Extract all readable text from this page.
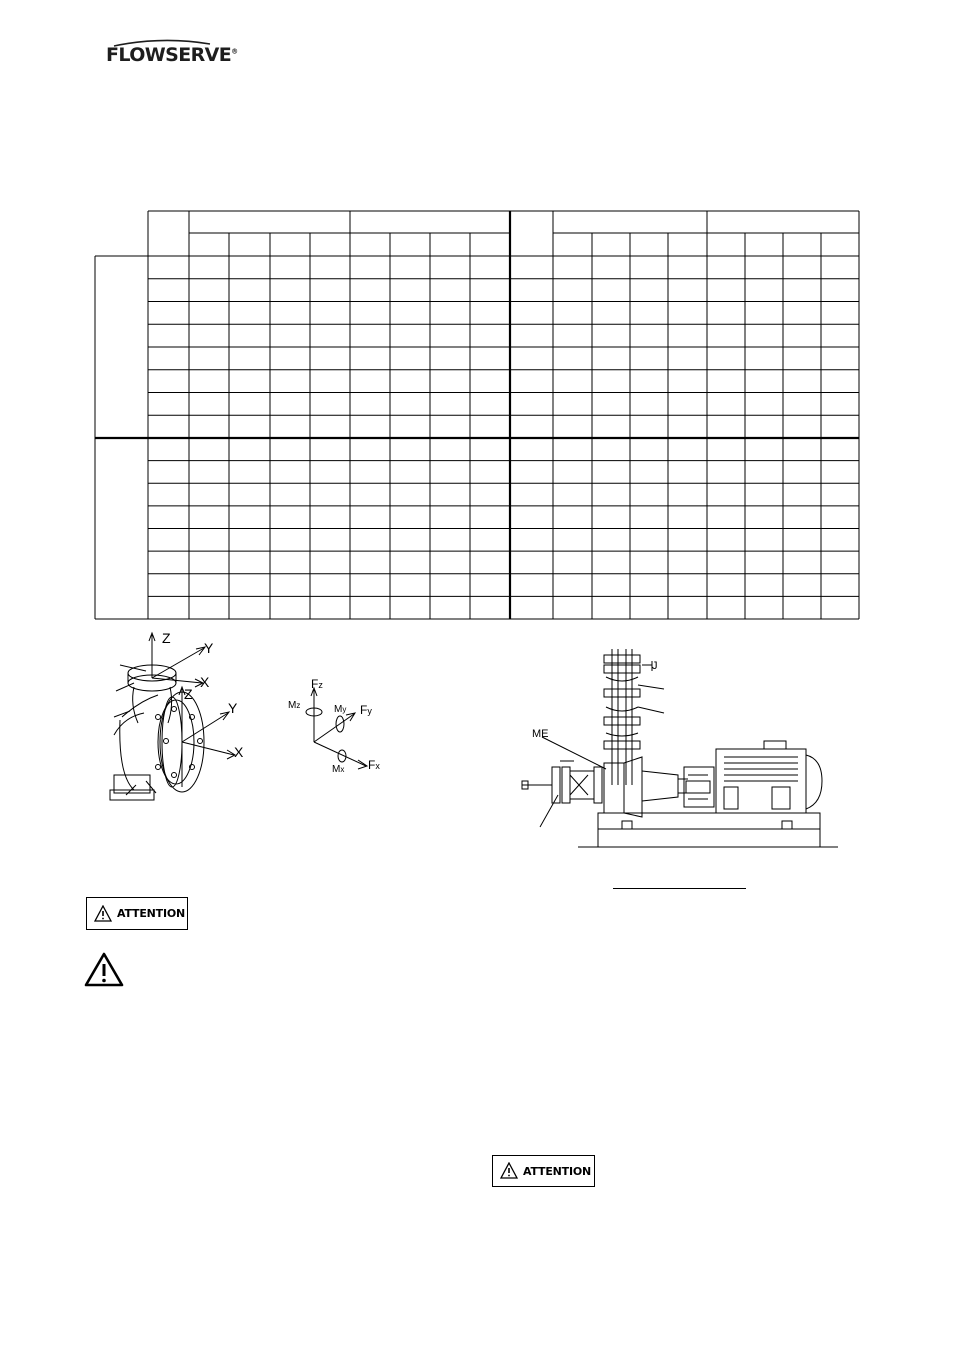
FLOWSERVE®
Z
Y
X
Z
Y
X
Fz
Fy
Fx
Mz	My
Mx
ME
J
ATTENTION
ATTENTION
